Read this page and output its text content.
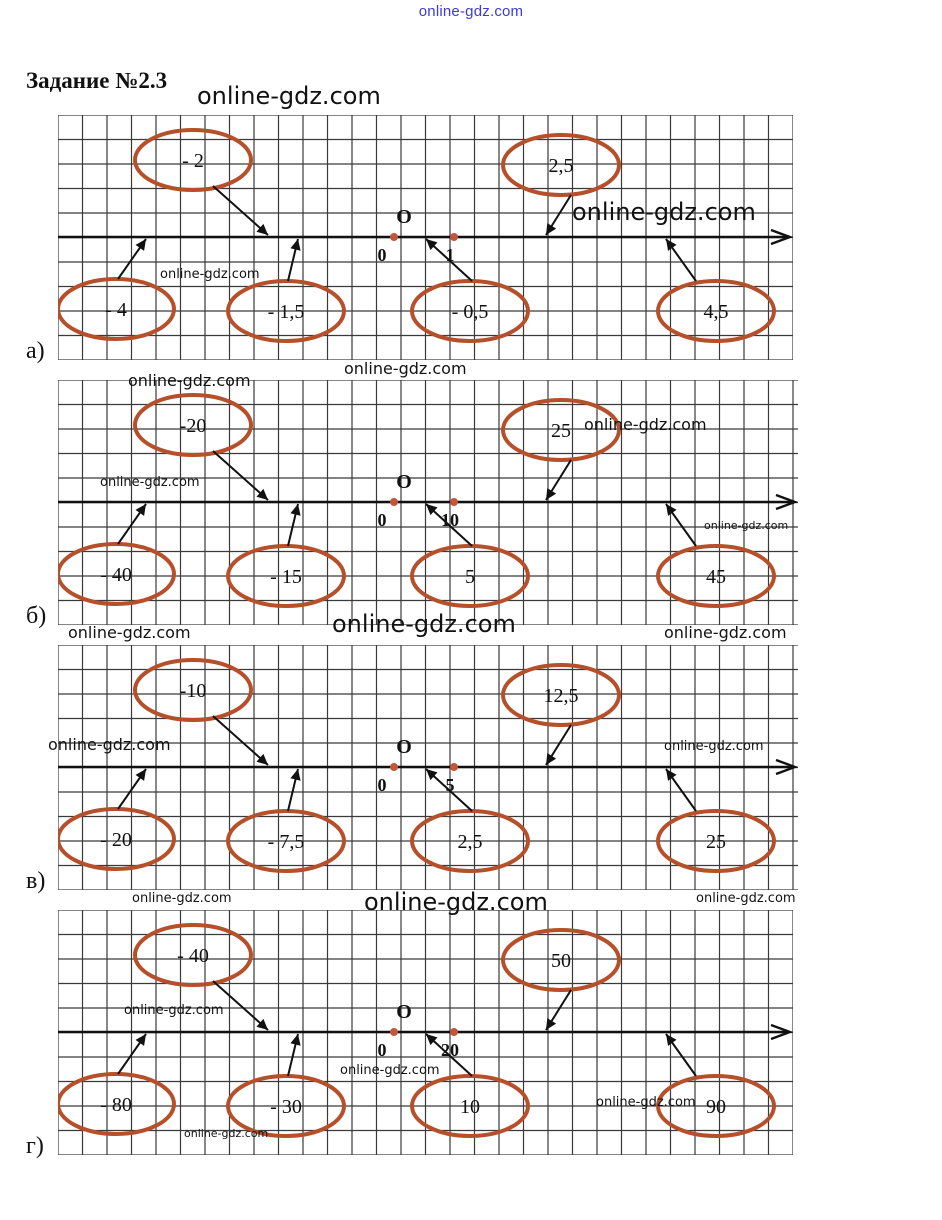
online-gdz.com
Задание №2.3
O
0	1
- 2	2,5
- 4	- 1,5	- 0,5	4,5
а)
O
0	10
-20	25
- 40	- 15	5	45
б)
O
0	5
-10	12,5
- 20	- 7,5	2,5	25
в)
O
0	20
- 40	50
- 80	- 30	10	90
г)
online-gdz.com
online-gdz.com
online-gdz.com
online-gdz.com
online-gdz.com
online-gdz.com
online-gdz.com
online-gdz.com
online-gdz.com	online-gdz.com	online-gdz.com
online-gdz.com	online-gdz.com
online-gdz.com	online-gdz.com	online-gdz.com
online-gdz.com
online-gdz.com
online-gdz.com
online-gdz.com
